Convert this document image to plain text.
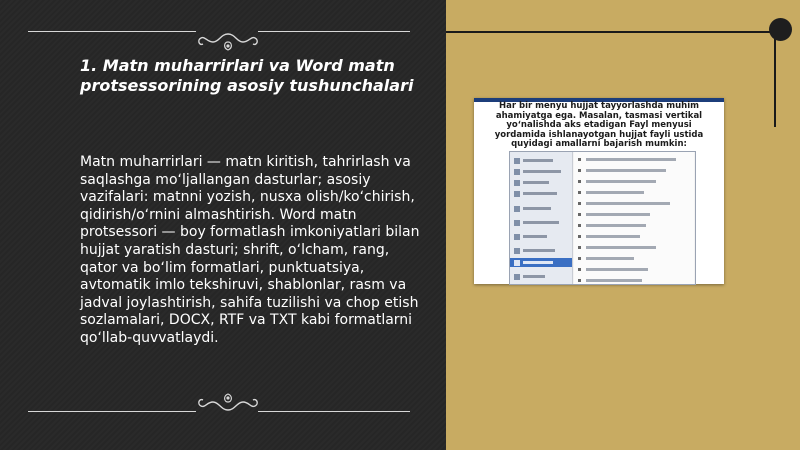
1. Matn muharrirlari va Word matn protsessorining asosiy tushunchalari
Matn muharrirlari — matn kiritish, tahrirlash va saqlashga moʻljallangan dasturlar; asosiy vazifalari: matnni yozish, nusxa olish/koʻchirish, qidirish/oʻrnini almashtirish. Word matn protsessori — boy formatlash imkoniyatlari bilan hujjat yaratish dasturi; shrift, oʻlcham, rang, qator va boʻlim formatlari, punktuatsiya, avtomatik imlo tekshiruvi, shablonlar, rasm va jadval joylashtirish, sahifa tuzilishi va chop etish sozlamalari, DOCX, RTF va TXT kabi formatlarni qoʻllab-quvvatlaydi.
Har bir menyu hujjat tayyorlashda muhim ahamiyatga ega. Masalan, tasmasi vertikal yoʻnalishda aks etadigan Fayl menyusi yordamida ishlanayotgan hujjat fayli ustida quyidagi amallarni bajarish mumkin:
